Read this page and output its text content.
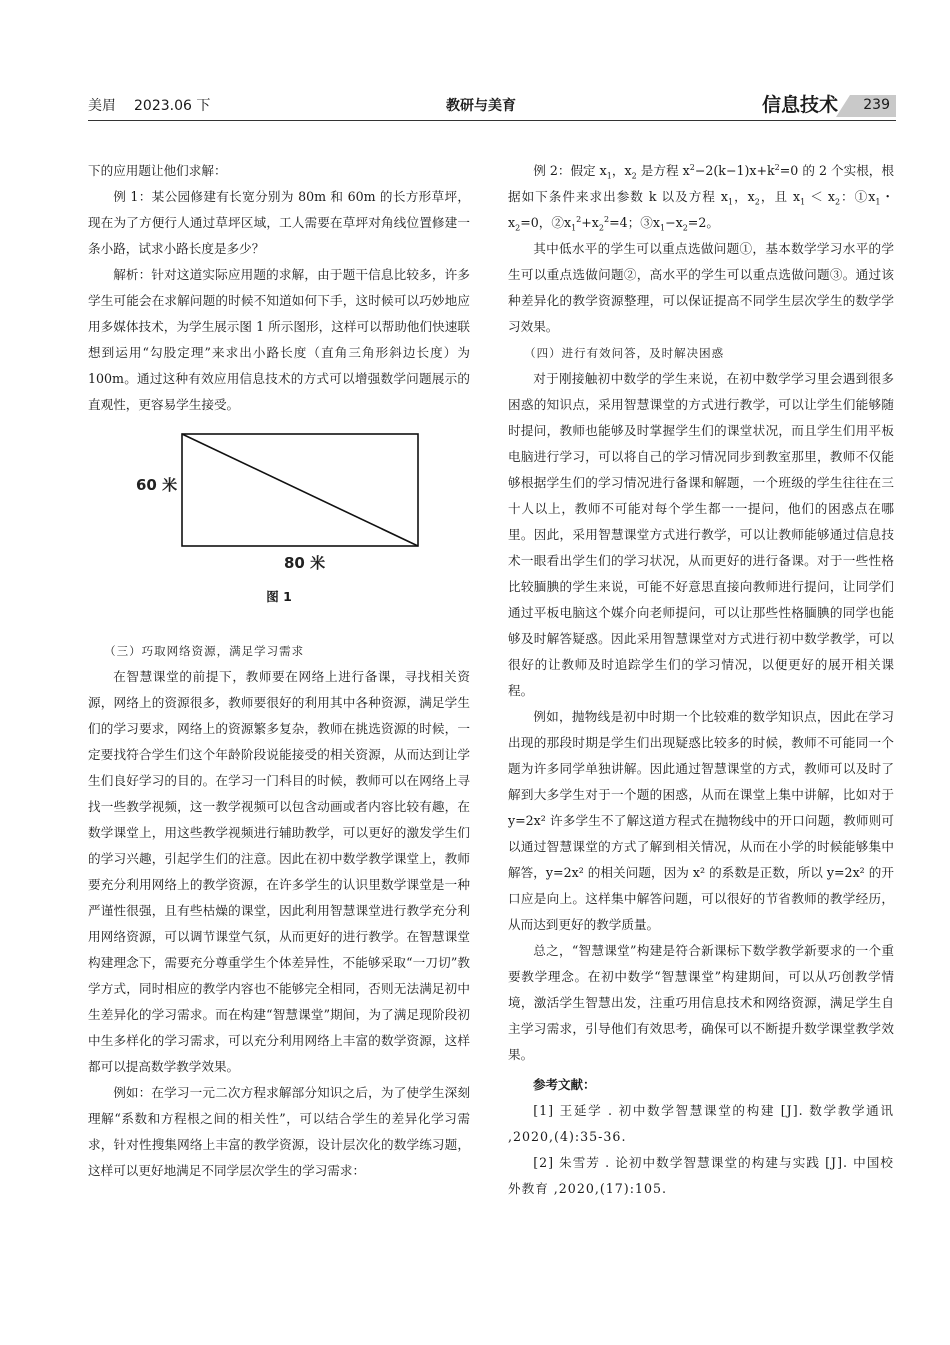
美眉 2023.06 下	教研与美育	信息技术 239

下的应用题让他们求解：

例 1：某公园修建有长宽分别为 80m 和 60m 的长方形草坪，现在为了方便行人通过草坪区域，工人需要在草坪对角线位置修建一条小路，试求小路长度是多少？

解析：针对这道实际应用题的求解，由于题干信息比较多，许多学生可能会在求解问题的时候不知道如何下手，这时候可以巧妙地应用多媒体技术，为学生展示图 1 所示图形，这样可以帮助他们快速联想到运用“勾股定理”来求出小路长度（直角三角形斜边长度）为 100m。通过这种有效应用信息技术的方式可以增强数学问题展示的直观性，更容易学生接受。

60 米
80 米

图 1

（三）巧取网络资源，满足学习需求

在智慧课堂的前提下，教师要在网络上进行备课，寻找相关资源，网络上的资源很多，教师要很好的利用其中各种资源，满足学生们的学习要求，网络上的资源繁多复杂，教师在挑选资源的时候，一定要找符合学生们这个年龄阶段说能接受的相关资源，从而达到让学生们良好学习的目的。在学习一门科目的时候，教师可以在网络上寻找一些教学视频，这一教学视频可以包含动画或者内容比较有趣，在数学课堂上，用这些教学视频进行辅助教学，可以更好的激发学生们的学习兴趣，引起学生们的注意。因此在初中数学教学课堂上，教师要充分利用网络上的教学资源，在许多学生的认识里数学课堂是一种严谨性很强，且有些枯燥的课堂，因此利用智慧课堂进行教学充分利用网络资源，可以调节课堂气氛，从而更好的进行教学。在智慧课堂构建理念下，需要充分尊重学生个体差异性，不能够采取“一刀切”教学方式，同时相应的教学内容也不能够完全相同，否则无法满足初中生差异化的学习需求。而在构建“智慧课堂”期间，为了满足现阶段初中生多样化的学习需求，可以充分利用网络上丰富的数学资源，这样都可以提高数学教学效果。

例如：在学习一元二次方程求解部分知识之后，为了使学生深刻理解“系数和方程根之间的相关性”，可以结合学生的差异化学习需求，针对性搜集网络上丰富的教学资源，设计层次化的数学练习题，这样可以更好地满足不同学层次学生的学习需求：

例 2：假定 $x_1$，$x_2$ 是方程 $x^2-2(k-1)x+k^2=0$ 的 2 个实根，根据如下条件来求出参数 k 以及方程 $x_1$，$x_2$，且 $x_1 < x_2$：$①x_1$・$x_2=0$，$②x_1^2+x_2^2=4$；$③x_1-x_2=2$。

其中低水平的学生可以重点选做问题①，基本数学学习水平的学生可以重点选做问题②，高水平的学生可以重点选做问题③。通过该种差异化的教学资源整理，可以保证提高不同学生层次学生的数学学习效果。

（四）进行有效问答，及时解决困惑

对于刚接触初中数学的学生来说，在初中数学学习里会遇到很多困惑的知识点，采用智慧课堂的方式进行教学，可以让学生们能够随时提问，教师也能够及时掌握学生们的课堂状况，而且学生们用平板电脑进行学习，可以将自己的学习情况同步到教室那里，教师不仅能够根据学生们的学习情况进行备课和解题，一个班级的学生往往在三十人以上，教师不可能对每个学生都一一提问，他们的困惑点在哪里。因此，采用智慧课堂方式进行教学，可以让教师能够通过信息技术一眼看出学生们的学习状况，从而更好的进行备课。对于一些性格比较腼腆的学生来说，可能不好意思直接向教师进行提问，让同学们通过平板电脑这个媒介向老师提问，可以让那些性格腼腆的同学也能够及时解答疑惑。因此采用智慧课堂对方式进行初中数学教学，可以很好的让教师及时追踪学生们的学习情况，以便更好的展开相关课程。

例如，抛物线是初中时期一个比较难的数学知识点，因此在学习出现的那段时期是学生们出现疑惑比较多的时候，教师不可能同一个题为许多同学单独讲解。因此通过智慧课堂的方式，教师可以及时了解到大多学生对于一个题的困惑，从而在课堂上集中讲解，比如对于 y=2x² 许多学生不了解这道方程式在抛物线中的开口问题，教师则可以通过智慧课堂的方式了解到相关情况，从而在小学的时候能够集中解答，y=2x² 的相关问题，因为 x² 的系数是正数，所以 y=2x² 的开口应是向上。这样集中解答问题，可以很好的节省教师的教学经历，从而达到更好的教学质量。

总之，“智慧课堂”构建是符合新课标下数学教学新要求的一个重要教学理念。在初中数学“智慧课堂”构建期间，可以从巧创教学情境，激活学生智慧出发，注重巧用信息技术和网络资源，满足学生自主学习需求，引导他们有效思考，确保可以不断提升数学课堂教学效果。

参考文献：

[1] 王延学 . 初中数学智慧课堂的构建 [J]. 数学教学通讯 ,2020,(4):35-36.

[2] 朱雪芳 . 论初中数学智慧课堂的构建与实践 [J]. 中国校外教育 ,2020,(17):105.
